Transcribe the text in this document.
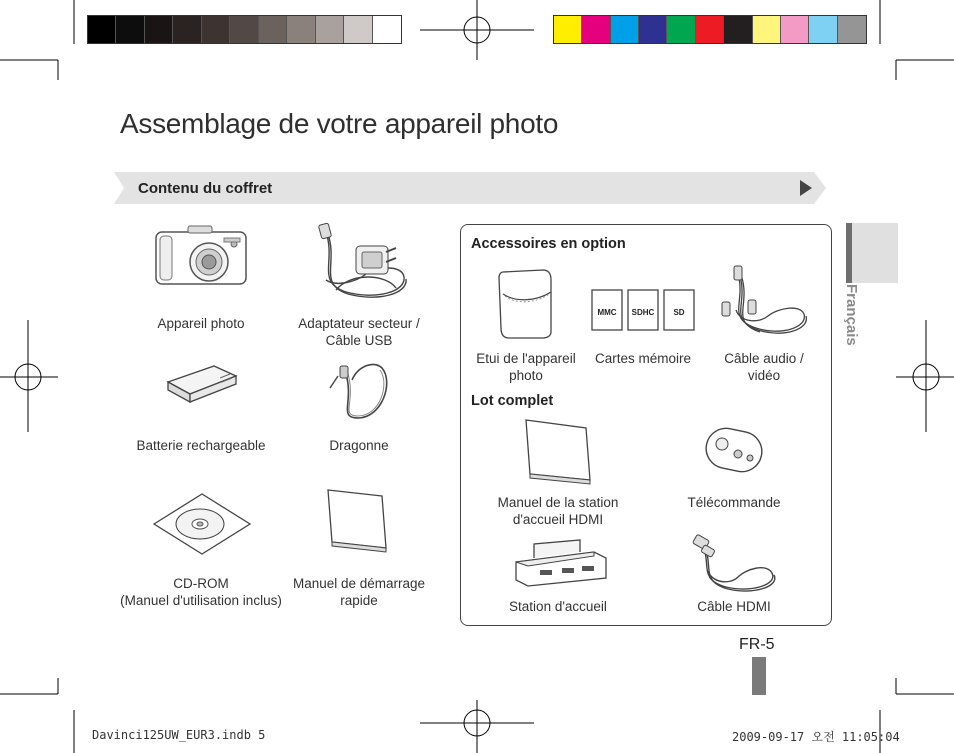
Assemblage de votre appareil photo
Contenu du coffret
Appareil photo	Adaptateur secteur /
Câble USB
Batterie rechargeable	Dragonne
CD-ROM
(Manuel d'utilisation inclus)
Manuel de démarrage
rapide
Accessoires en option
Etui de l'appareil
photo
MMC SDHC SD
Cartes mémoire	Câble audio /
vidéo
Lot complet
Manuel de la station
d'accueil HDMI
Télécommande
Station d'accueil	Câble HDMI
Français
FR-5
Davinci125UW_EUR3.indb 5	2009-09-17 오전 11:05:04
